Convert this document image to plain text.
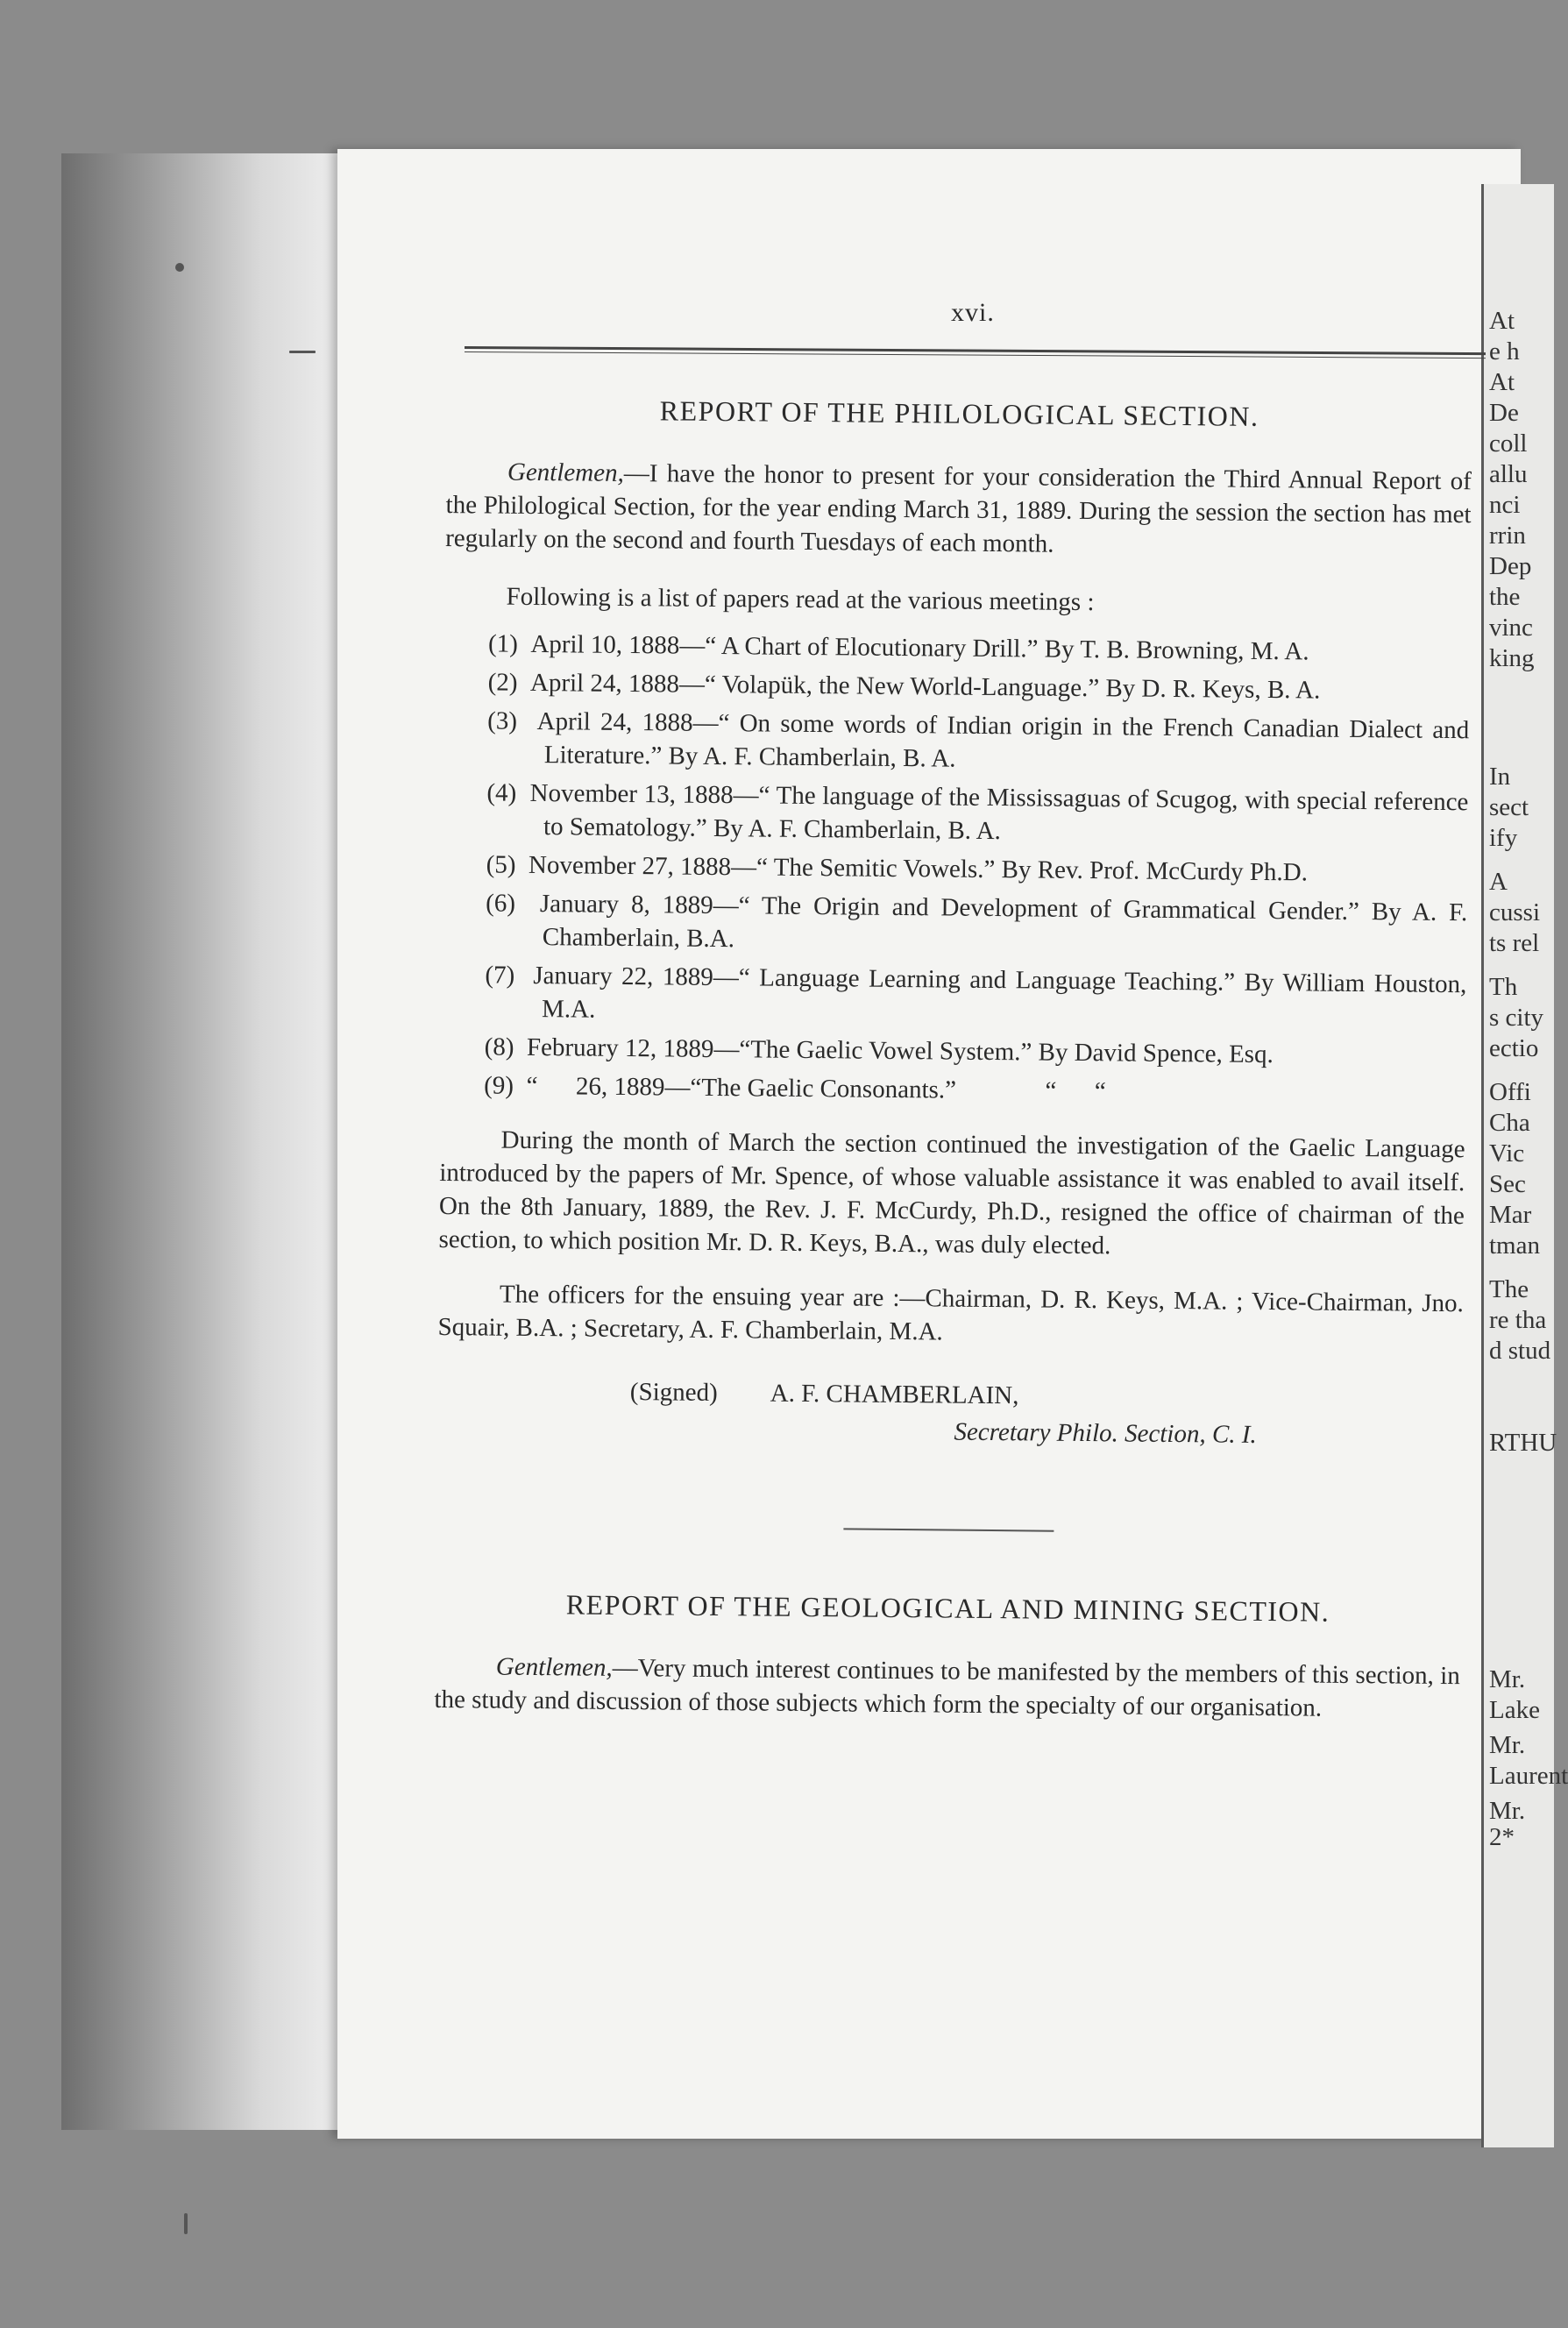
At
e h
At
De
coll
allu
nci
rrin
Dep
the
vinc
king
In
sect
ify
A
cussi
ts rel
Th
s city
ectio
Offi
Cha
Vic
Sec
Mar
tman
The
re tha
d stud
RTHU
Mr.
Lake
Mr.
Laurent
Mr.
2*
xvi.
REPORT OF THE PHILOLOGICAL SECTION.

Gentlemen,—I have the honor to present for your consideration the Third Annual Report of the Philological Section, for the year ending March 31, 1889. During the session the section has met regularly on the second and fourth Tuesdays of each month.

Following is a list of papers read at the various meetings :

(1) April 10, 1888—“ A Chart of Elocutionary Drill.” By T. B. Browning, M. A.
(2) April 24, 1888—“ Volapük, the New World-Language.” By D. R. Keys, B. A.
(3) April 24, 1888—“ On some words of Indian origin in the French Canadian Dialect and Literature.” By A. F. Chamberlain, B. A.
(4) November 13, 1888—“ The language of the Mississaguas of Scugog, with special reference to Sematology.” By A. F. Chamberlain, B. A.
(5) November 27, 1888—“ The Semitic Vowels.” By Rev. Prof. McCurdy Ph.D.
(6) January 8, 1889—“ The Origin and Development of Grammatical Gender.” By A. F. Chamberlain, B.A.
(7) January 22, 1889—“ Language Learning and Language Teaching.” By William Houston, M.A.
(8) February 12, 1889—“The Gaelic Vowel System.” By David Spence, Esq.
(9) “      26, 1889—“The Gaelic Consonants.”              “      “

During the month of March the section continued the investigation of the Gaelic Language introduced by the papers of Mr. Spence, of whose valuable assistance it was enabled to avail itself. On the 8th January, 1889, the Rev. J. F. McCurdy, Ph.D., resigned the office of chairman of the section, to which position Mr. D. R. Keys, B.A., was duly elected.

The officers for the ensuing year are :—Chairman, D. R. Keys, M.A. ; Vice-Chairman, Jno. Squair, B.A. ; Secretary, A. F. Chamberlain, M.A.

(Signed) A. F. CHAMBERLAIN,
Secretary Philo. Section, C. I.
REPORT OF THE GEOLOGICAL AND MINING SECTION.

Gentlemen,—Very much interest continues to be manifested by the members of this section, in the study and discussion of those subjects which form the specialty of our organisation.
